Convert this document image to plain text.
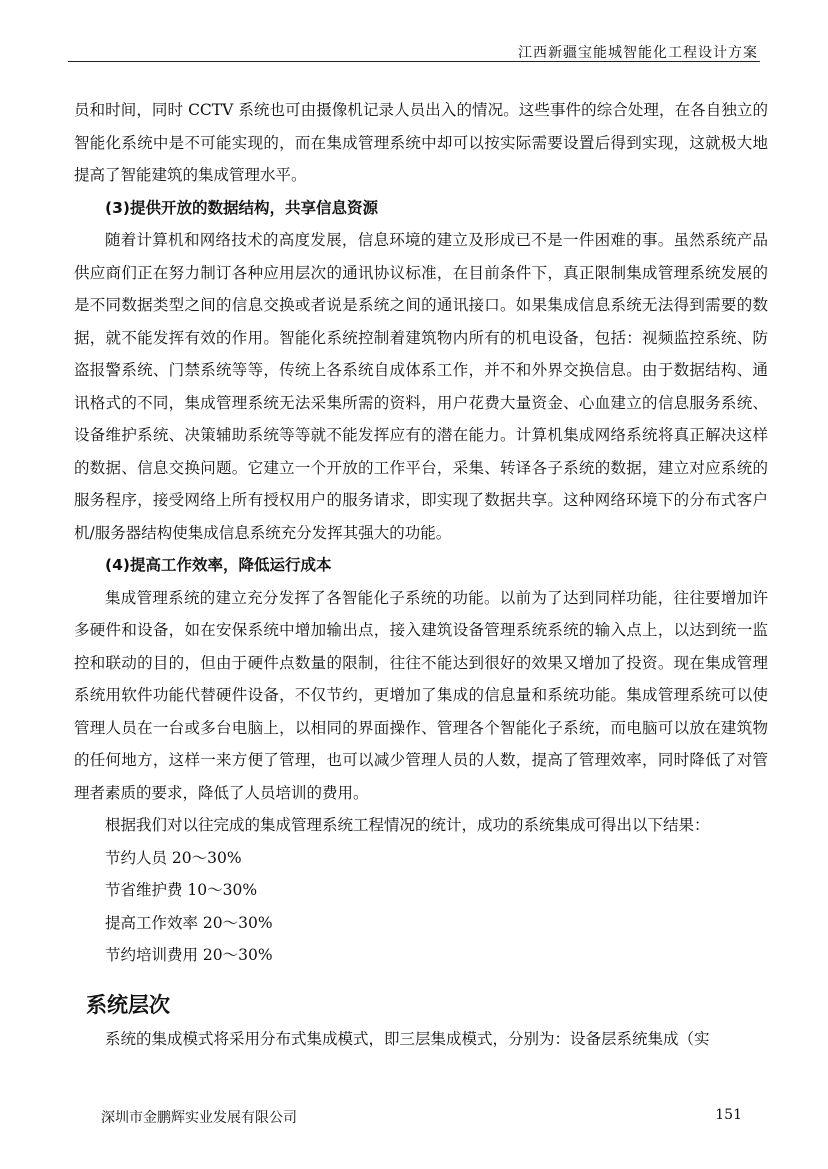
江西新疆宝能城智能化工程设计方案

员和时间，同时 CCTV 系统也可由摄像机记录人员出入的情况。这些事件的综合处理，在各自独立的智能化系统中是不可能实现的，而在集成管理系统中却可以按实际需要设置后得到实现，这就极大地提高了智能建筑的集成管理水平。

(3)提供开放的数据结构，共享信息资源

随着计算机和网络技术的高度发展，信息环境的建立及形成已不是一件困难的事。虽然系统产品供应商们正在努力制订各种应用层次的通讯协议标准，在目前条件下，真正限制集成管理系统发展的是不同数据类型之间的信息交换或者说是系统之间的通讯接口。如果集成信息系统无法得到需要的数据，就不能发挥有效的作用。智能化系统控制着建筑物内所有的机电设备，包括：视频监控系统、防盗报警系统、门禁系统等等，传统上各系统自成体系工作，并不和外界交换信息。由于数据结构、通讯格式的不同，集成管理系统无法采集所需的资料，用户花费大量资金、心血建立的信息服务系统、设备维护系统、决策辅助系统等等就不能发挥应有的潜在能力。计算机集成网络系统将真正解决这样的数据、信息交换问题。它建立一个开放的工作平台，采集、转译各子系统的数据，建立对应系统的服务程序，接受网络上所有授权用户的服务请求，即实现了数据共享。这种网络环境下的分布式客户机/服务器结构使集成信息系统充分发挥其强大的功能。

(4)提高工作效率，降低运行成本

集成管理系统的建立充分发挥了各智能化子系统的功能。以前为了达到同样功能，往往要增加许多硬件和设备，如在安保系统中增加输出点，接入建筑设备管理系统系统的输入点上，以达到统一监控和联动的目的，但由于硬件点数量的限制，往往不能达到很好的效果又增加了投资。现在集成管理系统用软件功能代替硬件设备，不仅节约，更增加了集成的信息量和系统功能。集成管理系统可以使管理人员在一台或多台电脑上，以相同的界面操作、管理各个智能化子系统，而电脑可以放在建筑物的任何地方，这样一来方便了管理，也可以减少管理人员的人数，提高了管理效率，同时降低了对管理者素质的要求，降低了人员培训的费用。

根据我们对以往完成的集成管理系统工程情况的统计，成功的系统集成可得出以下结果：

节约人员 20～30%
节省维护费 10～30%
提高工作效率 20～30%
节约培训费用 20～30%
系统层次

系统的集成模式将采用分布式集成模式，即三层集成模式，分别为：设备层系统集成（实

深圳市金鹏辉实业发展有限公司	151
